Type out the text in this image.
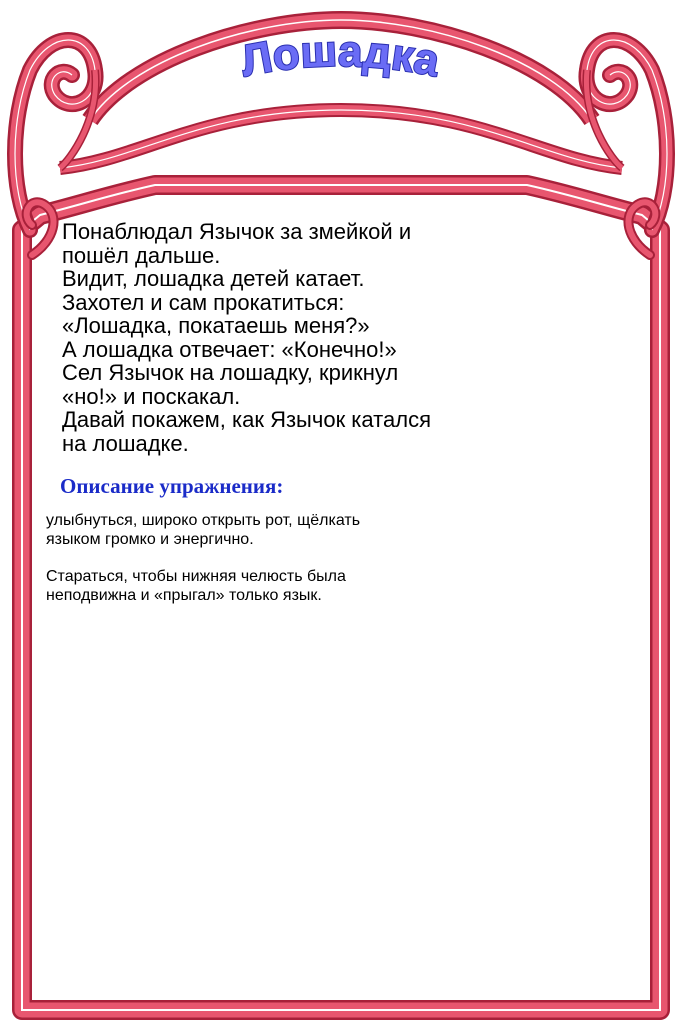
Лошадка
Понаблюдал Язычок за змейкой и
пошёл дальше.
Видит, лошадка детей катает.
Захотел и сам прокатиться:
«Лошадка, покатаешь меня?»
А лошадка отвечает: «Конечно!»
Сел Язычок на лошадку, крикнул
«но!» и поскакал.
Давай покажем, как Язычок катался
на лошадке.
Описание упражнения:
улыбнуться, широко открыть рот, щёлкать
языком громко и энергично.
Стараться, чтобы нижняя челюсть была
неподвижна и «прыгал» только язык.
